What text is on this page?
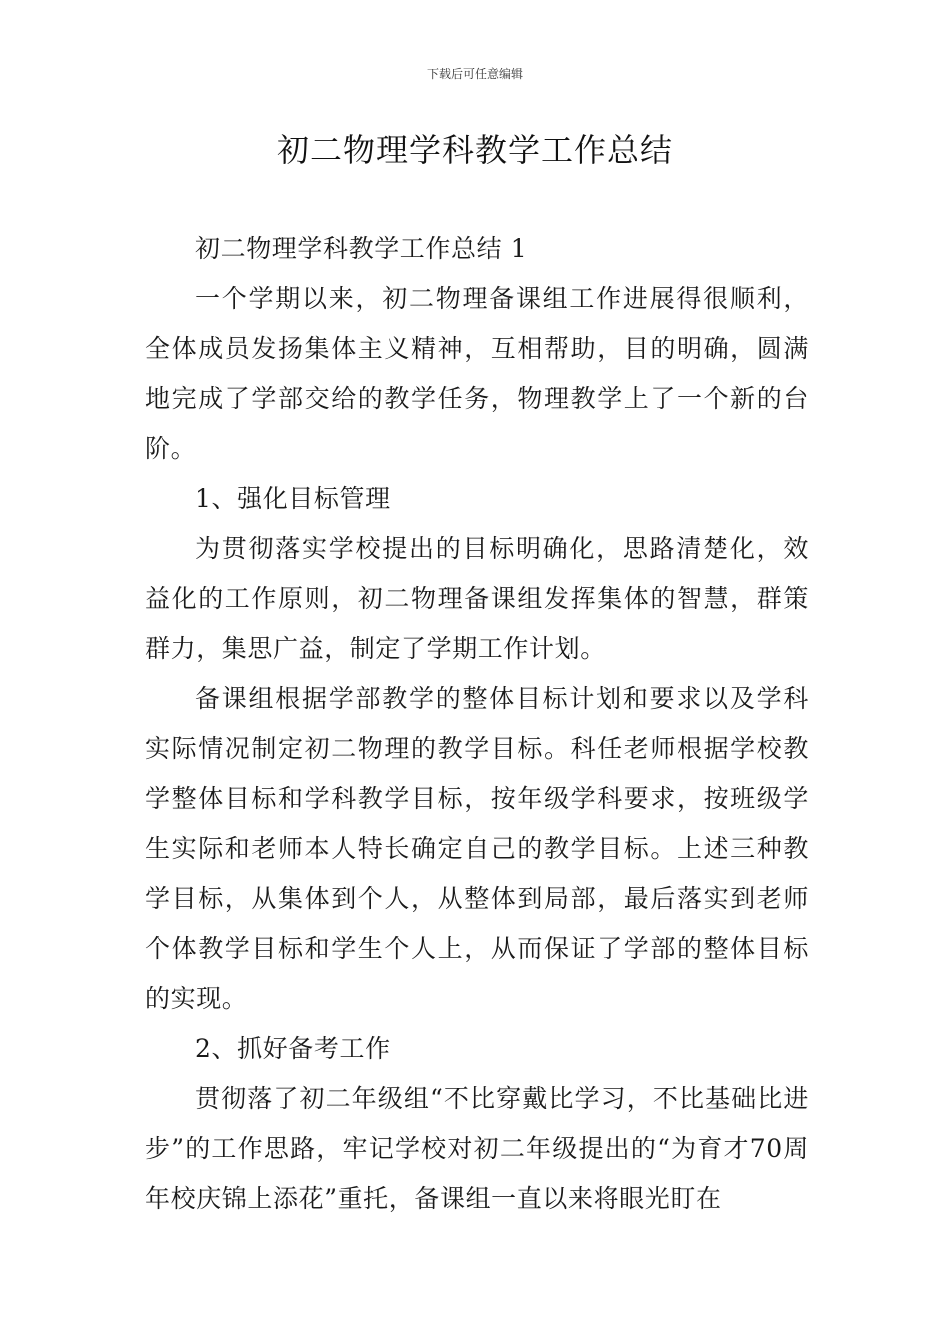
下载后可任意编辑
初二物理学科教学工作总结

初二物理学科教学工作总结 1

一个学期以来，初二物理备课组工作进展得很顺利，全体成员发扬集体主义精神，互相帮助，目的明确，圆满地完成了学部交给的教学任务，物理教学上了一个新的台阶。

1、强化目标管理

为贯彻落实学校提出的目标明确化，思路清楚化，效益化的工作原则，初二物理备课组发挥集体的智慧，群策群力，集思广益，制定了学期工作计划。

备课组根据学部教学的整体目标计划和要求以及学科实际情况制定初二物理的教学目标。科任老师根据学校教学整体目标和学科教学目标，按年级学科要求，按班级学生实际和老师本人特长确定自己的教学目标。上述三种教学目标，从集体到个人，从整体到局部，最后落实到老师个体教学目标和学生个人上，从而保证了学部的整体目标的实现。

2、抓好备考工作

贯彻落了初二年级组“不比穿戴比学习，不比基础比进步”的工作思路，牢记学校对初二年级提出的“为育才70周年校庆锦上添花”重托，备课组一直以来将眼光盯在
